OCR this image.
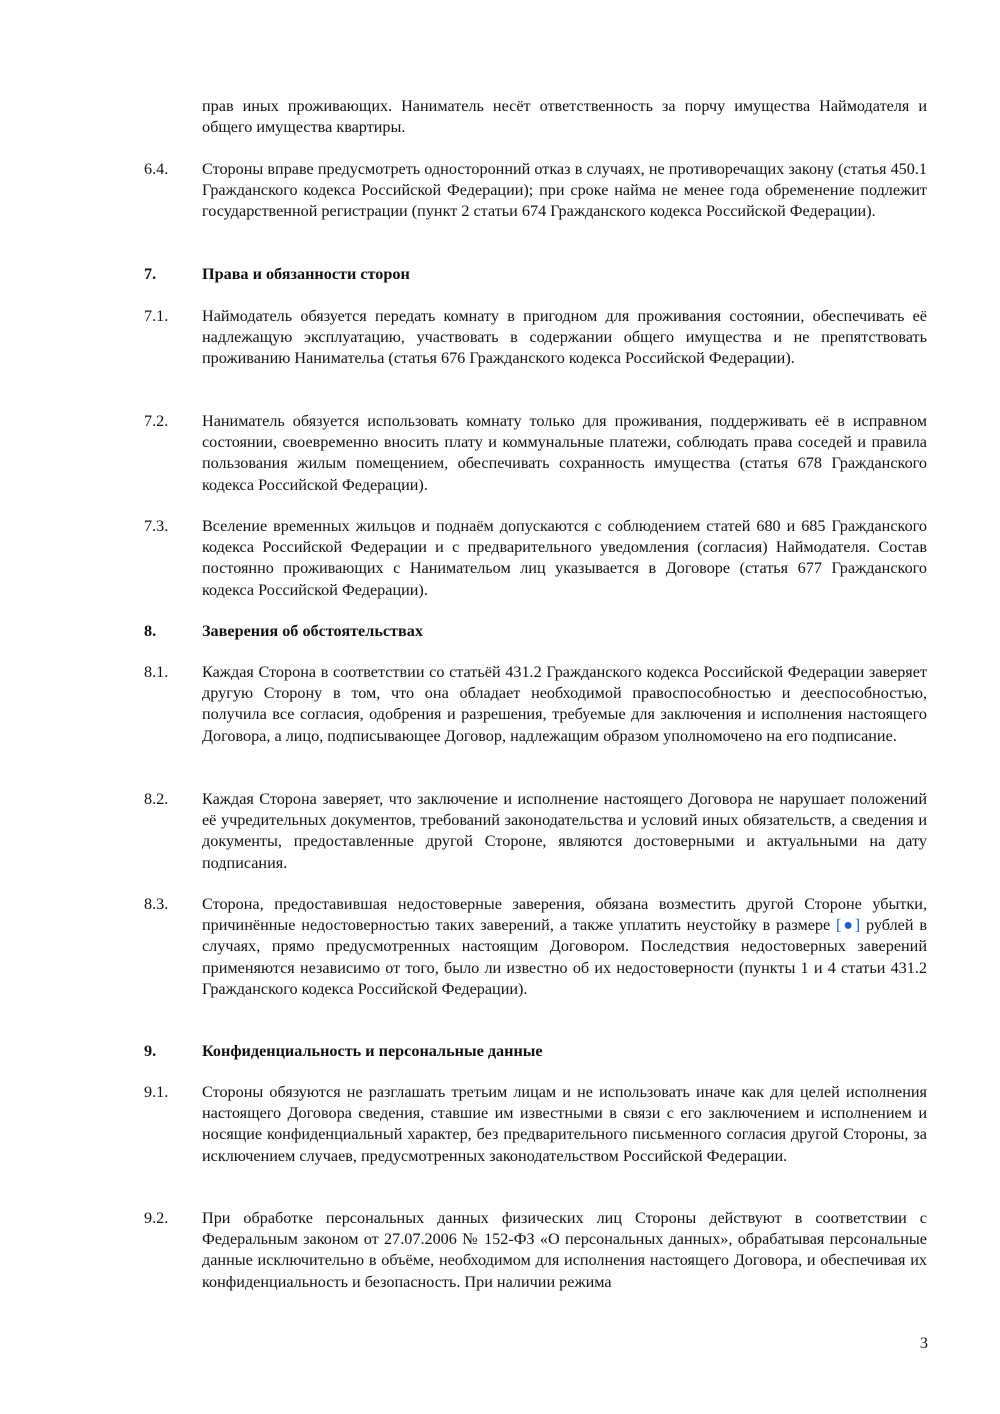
прав иных проживающих. Наниматель несёт ответственность за порчу имущества Наймодателя и общего имущества квартиры.
6.4.	Стороны вправе предусмотреть односторонний отказ в случаях, не противоречащих закону (статья 450.1 Гражданского кодекса Российской Федерации); при сроке найма не менее года обременение подлежит государственной регистрации (пункт 2 статьи 674 Гражданского кодекса Российской Федерации).
7.	Права и обязанности сторон
7.1.	Наймодатель обязуется передать комнату в пригодном для проживания состоянии, обеспечивать её надлежащую эксплуатацию, участвовать в содержании общего имущества и не препятствовать проживанию Нанимательа (статья 676 Гражданского кодекса Российской Федерации).
7.2.	Наниматель обязуется использовать комнату только для проживания, поддерживать её в исправном состоянии, своевременно вносить плату и коммунальные платежи, соблюдать права соседей и правила пользования жилым помещением, обеспечивать сохранность имущества (статья 678 Гражданского кодекса Российской Федерации).
7.3.	Вселение временных жильцов и поднаём допускаются с соблюдением статей 680 и 685 Гражданского кодекса Российской Федерации и с предварительного уведомления (согласия) Наймодателя. Состав постоянно проживающих с Нанимательом лиц указывается в Договоре (статья 677 Гражданского кодекса Российской Федерации).
8.	Заверения об обстоятельствах
8.1.	Каждая Сторона в соответствии со статьёй 431.2 Гражданского кодекса Российской Федерации заверяет другую Сторону в том, что она обладает необходимой правоспособностью и дееспособностью, получила все согласия, одобрения и разрешения, требуемые для заключения и исполнения настоящего Договора, а лицо, подписывающее Договор, надлежащим образом уполномочено на его подписание.
8.2.	Каждая Сторона заверяет, что заключение и исполнение настоящего Договора не нарушает положений её учредительных документов, требований законодательства и условий иных обязательств, а сведения и документы, предоставленные другой Стороне, являются достоверными и актуальными на дату подписания.
8.3.	Сторона, предоставившая недостоверные заверения, обязана возместить другой Стороне убытки, причинённые недостоверностью таких заверений, а также уплатить неустойку в размере [●] рублей в случаях, прямо предусмотренных настоящим Договором. Последствия недостоверных заверений применяются независимо от того, было ли известно об их недостоверности (пункты 1 и 4 статьи 431.2 Гражданского кодекса Российской Федерации).
9.	Конфиденциальность и персональные данные
9.1.	Стороны обязуются не разглашать третьим лицам и не использовать иначе как для целей исполнения настоящего Договора сведения, ставшие им известными в связи с его заключением и исполнением и носящие конфиденциальный характер, без предварительного письменного согласия другой Стороны, за исключением случаев, предусмотренных законодательством Российской Федерации.
9.2.	При обработке персональных данных физических лиц Стороны действуют в соответствии с Федеральным законом от 27.07.2006 № 152-ФЗ «О персональных данных», обрабатывая персональные данные исключительно в объёме, необходимом для исполнения настоящего Договора, и обеспечивая их конфиденциальность и безопасность. При наличии режима
3
